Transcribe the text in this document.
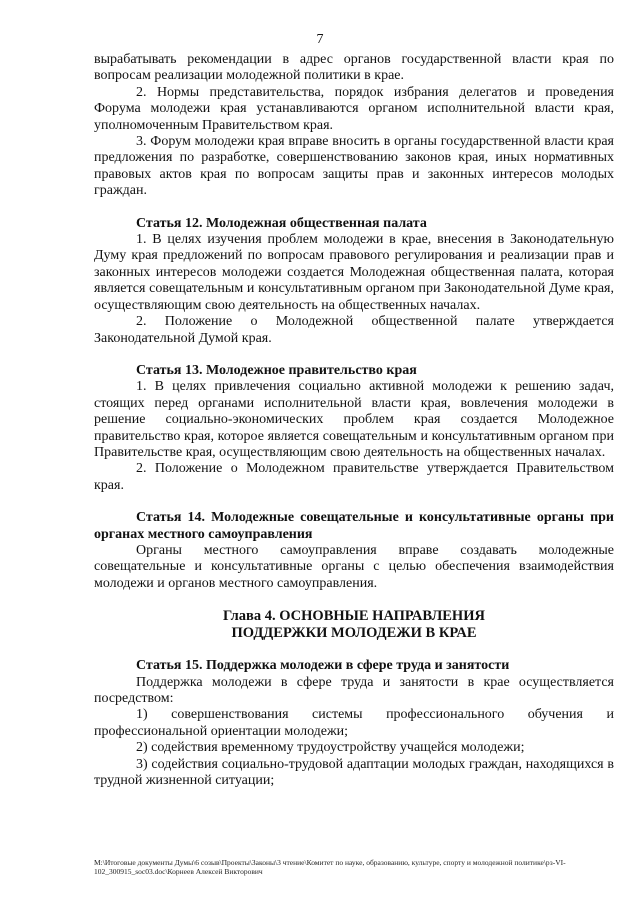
7

вырабатывать рекомендации в адрес органов государственной власти края по вопросам реализации молодежной политики в крае.

2. Нормы представительства, порядок избрания делегатов и проведения Форума молодежи края устанавливаются органом исполнительной власти края, уполномоченным Правительством края.

3. Форум молодежи края вправе вносить в органы государственной власти края предложения по разработке, совершенствованию законов края, иных нормативных правовых актов края по вопросам защиты прав и законных интересов молодых граждан.

Статья 12. Молодежная общественная палата

1. В целях изучения проблем молодежи в крае, внесения в Законодательную Думу края предложений по вопросам правового регулирования и реализации прав и законных интересов молодежи создается Молодежная общественная палата, которая является совещательным и консультативным органом при Законодательной Думе края, осуществляющим свою деятельность на общественных началах.

2. Положение о Молодежной общественной палате утверждается Законодательной Думой края.

Статья 13. Молодежное правительство края

1. В целях привлечения социально активной молодежи к решению задач, стоящих перед органами исполнительной власти края, вовлечения молодежи в решение социально-экономических проблем края создается Молодежное правительство края, которое является совещательным и консультативным органом при Правительстве края, осуществляющим свою деятельность на общественных началах.

2. Положение о Молодежном правительстве утверждается Правительством края.

Статья 14. Молодежные совещательные и консультативные органы при органах местного самоуправления

Органы местного самоуправления вправе создавать молодежные совещательные и консультативные органы с целью обеспечения взаимодействия молодежи и органов местного самоуправления.

Глава 4. ОСНОВНЫЕ НАПРАВЛЕНИЯ
ПОДДЕРЖКИ МОЛОДЕЖИ В КРАЕ

Статья 15. Поддержка молодежи в сфере труда и занятости

Поддержка молодежи в сфере труда и занятости в крае осуществляется посредством:

1) совершенствования системы профессионального обучения и профессиональной ориентации молодежи;

2) содействия временному трудоустройству учащейся молодежи;

3) содействия социально-трудовой адаптации молодых граждан, находящихся в трудной жизненной ситуации;

M:\Итоговые документы Думы\6 созыв\Проекты\Законы\3 чтение\Комитет по науке, образованию, культуре, спорту и молодежной политике\рз-VI-102_300915_soc03.doc\Корнеев Алексей Викторович
